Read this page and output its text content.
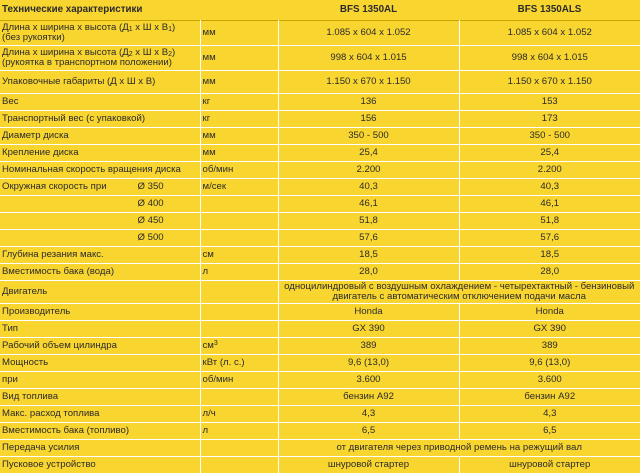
Технические характеристики		BFS 1350AL	BFS 1350ALS
Длина х ширина х высота ($Д_1$ х Ш х $В_1$)
(без рукоятки)	мм	1.085 х 604 х 1.052	1.085 х 604 х 1.052
Длина х ширина х высота ($Д_2$ х Ш х $В_2$)
(рукоятка в транспортном положении)	мм	998 х 604 х 1.015	998 х 604 х 1.015
Упаковочные габариты (Д х Ш х В)	мм	1.150 х 670 х 1.150	1.150 х 670 х 1.150
Вес	кг	136	153
Транспортный вес (с упаковкой)	кг	156	173
Диаметр диска	мм	350 - 500	350 - 500
Крепление диска	мм	25,4	25,4
Номинальная скорость вращения диска	об/мин	2.200	2.200
Окружная скорость при Ø 350	м/сек	40,3	40,3

Ø 400		46,1	46,1

Ø 450		51,8	51,8

Ø 500		57,6	57,6
Глубина резания макс.	см	18,5	18,5
Вместимость бака (вода)	л	28,0	28,0
Двигатель		одноцилиндровый с воздушным охлаждением - четырехтактный - бензиновый двигатель с автоматическим отключением подачи масла	
Производитель		Honda	Honda
Тип		GX 390	GX 390
Рабочий объем цилиндра	$см^3$	389	389
Мощность	кВт (л. с.)	9,6 (13,0)	9,6 (13,0)
при	об/мин	3.600	3.600
Вид топлива		бензин А92	бензин А92
Макс. расход топлива	л/ч	4,3	4,3
Вместимость бака (топливо)	л	6,5	6,5
Передача усилия		от двигателя через приводной ремень на режущий вал	
Пусковое устройство		шнуровой стартер	шнуровой стартер
